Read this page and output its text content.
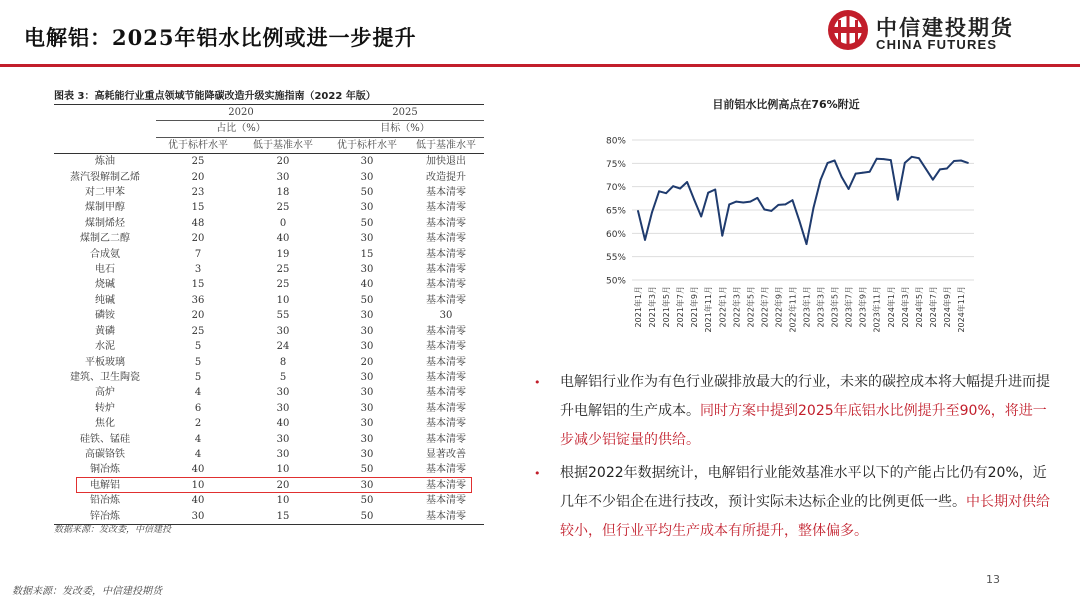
电解铝：2025年铝水比例或进一步提升	中信建投期货
CHINA FUTURES
图表 3：高耗能行业重点领域节能降碳改造升级实施指南（2022 年版）
	2020		2025	
	占比（%）		目标（%）	
	优于标杆水平	低于基准水平	优于标杆水平	低于基准水平
炼油	25	20	30	加快退出
蒸汽裂解制乙烯	20	30	30	改造提升
对二甲苯	23	18	50	基本清零
煤制甲醇	15	25	30	基本清零
煤制烯烃	48	0	50	基本清零
煤制乙二醇	20	40	30	基本清零
合成氨	7	19	15	基本清零
电石	3	25	30	基本清零
烧碱	15	25	40	基本清零
纯碱	36	10	50	基本清零
磷铵	20	55	30	30
黄磷	25	30	30	基本清零
水泥	5	24	30	基本清零
平板玻璃	5	8	20	基本清零
建筑、卫生陶瓷	5	5	30	基本清零
高炉	4	30	30	基本清零
转炉	6	30	30	基本清零
焦化	2	40	30	基本清零
硅铁、锰硅	4	30	30	基本清零
高碳铬铁	4	30	30	显著改善
铜冶炼	40	10	50	基本清零
电解铝	10	20	30	基本清零
铅冶炼	40	10	50	基本清零
锌冶炼	30	15	50	基本清零
数据来源：发改委，中信建投
目前铝水比例高点在76%附近
50%
55%
60%
65%
70%
75%
80%
2021年1月 2021年3月 2021年5月 2021年7月 2021年9月 2021年11月 2022年1月 2022年3月 2022年5月 2022年7月 2022年9月 2022年11月 2023年1月 2023年3月 2023年5月 2023年7月 2023年9月 2023年11月 2024年1月 2024年3月 2024年5月 2024年7月 2024年9月 2024年11月
• 电解铝行业作为有色行业碳排放最大的行业，未来的碳控成本将大幅提升进而提升电解铝的生产成本。同时方案中提到2025年底铝水比例提升至90%，将进一步减少铝锭量的供给。
• 根据2022年数据统计，电解铝行业能效基准水平以下的产能占比仍有20%，近几年不少铝企在进行技改，预计实际未达标企业的比例更低一些。中长期对供给较小，但行业平均生产成本有所提升，整体偏多。
数据来源：发改委，中信建投期货
13
